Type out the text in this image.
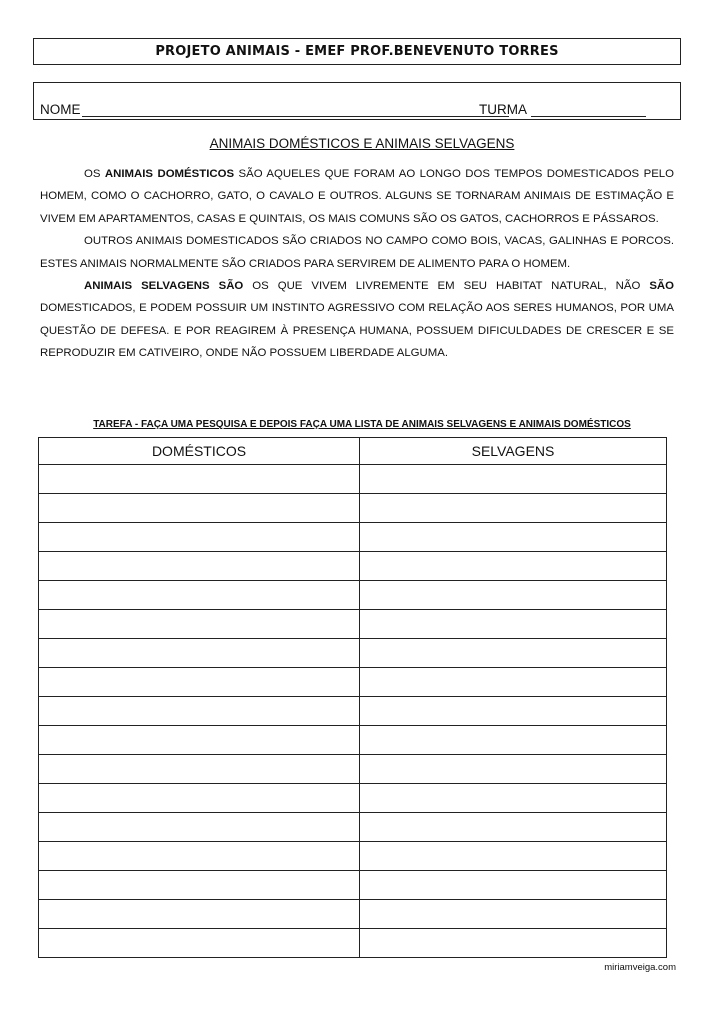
PROJETO ANIMAIS - EMEF PROF.BENEVENUTO TORRES
NOME	TURMA
ANIMAIS DOMÉSTICOS E ANIMAIS SELVAGENS

OS ANIMAIS DOMÉSTICOS SÃO AQUELES QUE FORAM AO LONGO DOS TEMPOS DOMESTICADOS PELO HOMEM, COMO O CACHORRO, GATO, O CAVALO E OUTROS. ALGUNS SE TORNARAM ANIMAIS DE ESTIMAÇÃO E VIVEM EM APARTAMENTOS, CASAS E QUINTAIS, OS MAIS COMUNS SÃO OS GATOS, CACHORROS E PÁSSAROS.

OUTROS ANIMAIS DOMESTICADOS SÃO CRIADOS NO CAMPO COMO BOIS, VACAS, GALINHAS E PORCOS. ESTES ANIMAIS NORMALMENTE SÃO CRIADOS PARA SERVIREM DE ALIMENTO PARA O HOMEM.

ANIMAIS SELVAGENS SÃO OS QUE VIVEM LIVREMENTE EM SEU HABITAT NATURAL, NÃO SÃO DOMESTICADOS, E PODEM POSSUIR UM INSTINTO AGRESSIVO COM RELAÇÃO AOS SERES HUMANOS, POR UMA QUESTÃO DE DEFESA. E POR REAGIREM À PRESENÇA HUMANA, POSSUEM DIFICULDADES DE CRESCER E SE REPRODUZIR EM CATIVEIRO, ONDE NÃO POSSUEM LIBERDADE ALGUMA.

TAREFA - FAÇA UMA PESQUISA E DEPOIS FAÇA UMA LISTA DE ANIMAIS SELVAGENS E ANIMAIS DOMÉSTICOS
DOMÉSTICOS	SELVAGENS

miriamveiga.com
